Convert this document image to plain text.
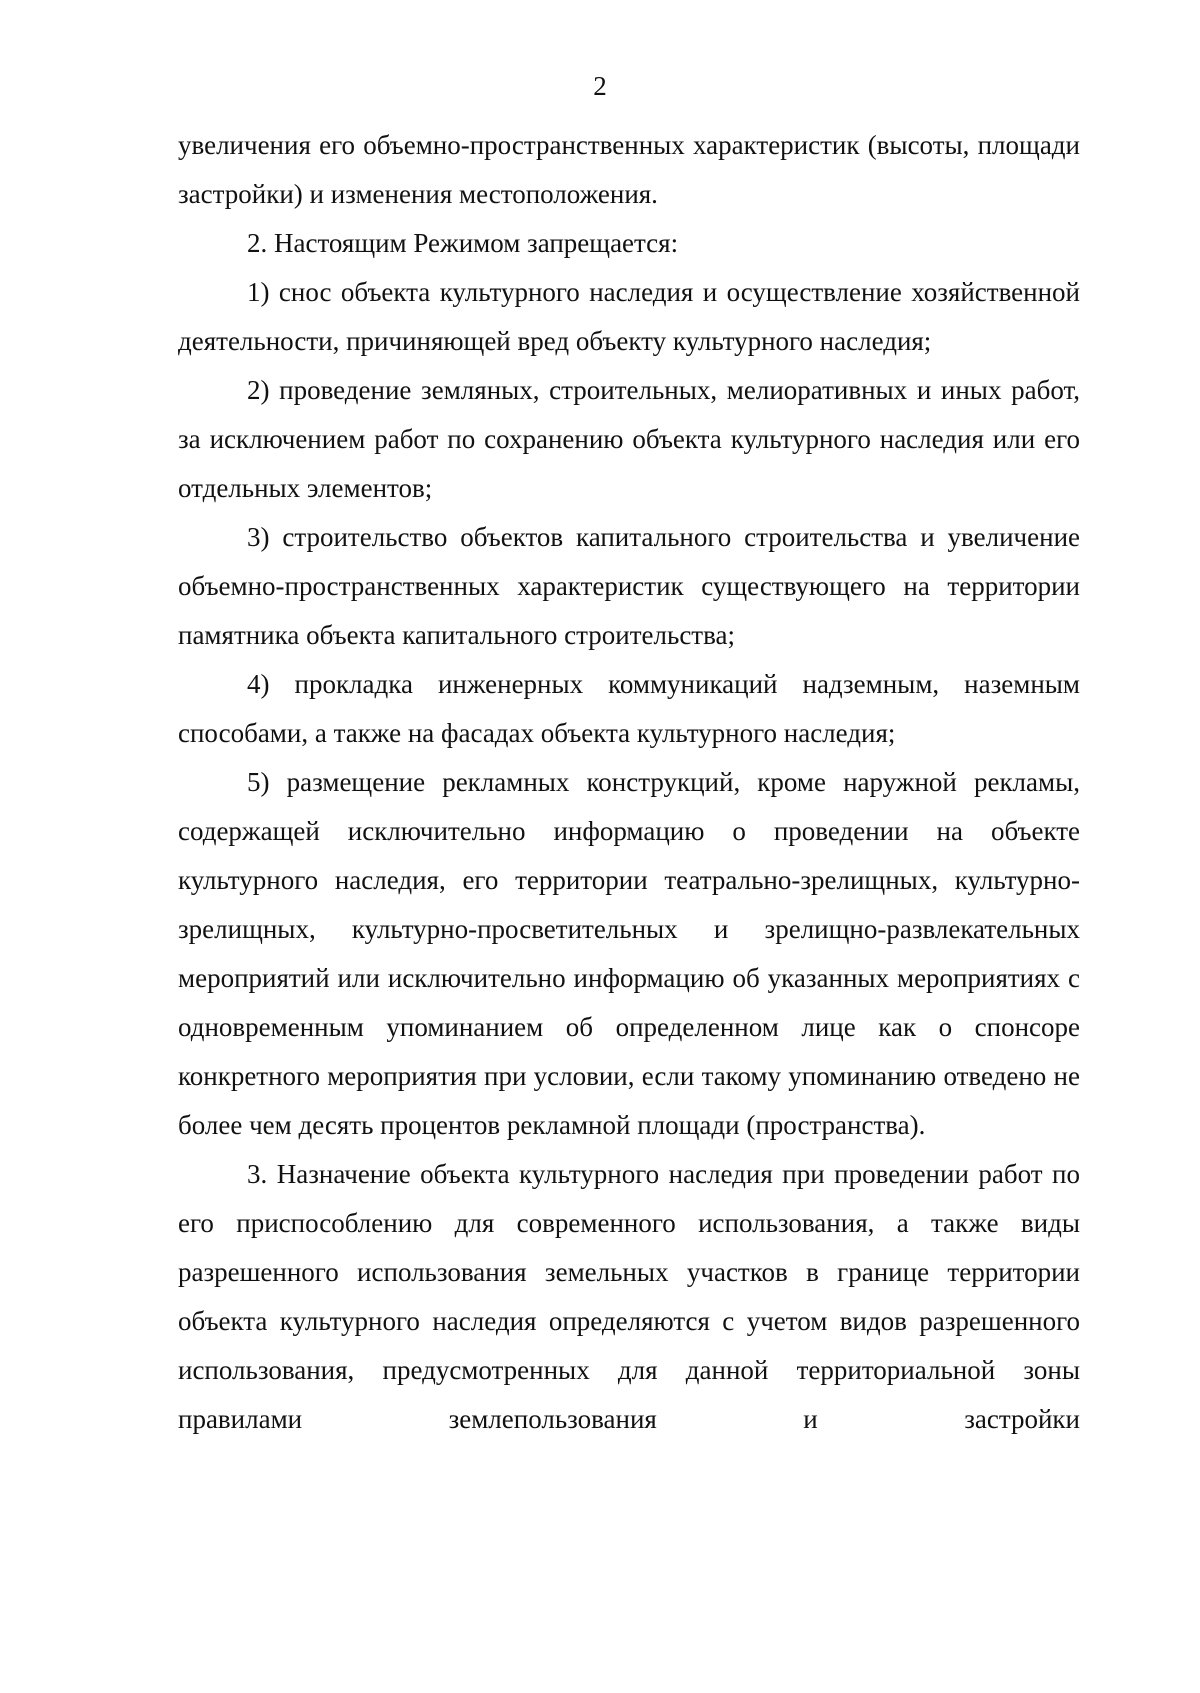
2

увеличения его объемно-пространственных характеристик (высоты, площади застройки) и изменения местоположения.

2. Настоящим Режимом запрещается:

1) снос объекта культурного наследия и осуществление хозяйственной деятельности, причиняющей вред объекту культурного наследия;

2) проведение земляных, строительных, мелиоративных и иных работ, за исключением работ по сохранению объекта культурного наследия или его отдельных элементов;

3) строительство объектов капитального строительства и увеличение объемно-пространственных характеристик существующего на территории памятника объекта капитального строительства;

4) прокладка инженерных коммуникаций надземным, наземным способами, а также на фасадах объекта культурного наследия;

5) размещение рекламных конструкций, кроме наружной рекламы, содержащей исключительно информацию о проведении на объекте культурного наследия, его территории театрально-зрелищных, культурно-зрелищных, культурно-просветительных и зрелищно-развлекательных мероприятий или исключительно информацию об указанных мероприятиях с одновременным упоминанием об определенном лице как о спонсоре конкретного мероприятия при условии, если такому упоминанию отведено не более чем десять процентов рекламной площади (пространства).

3. Назначение объекта культурного наследия при проведении работ по его приспособлению для современного использования, а также виды разрешенного использования земельных участков в границе территории объекта культурного наследия определяются с учетом видов разрешенного использования, предусмотренных для данной территориальной зоны правилами землепользования и застройки
